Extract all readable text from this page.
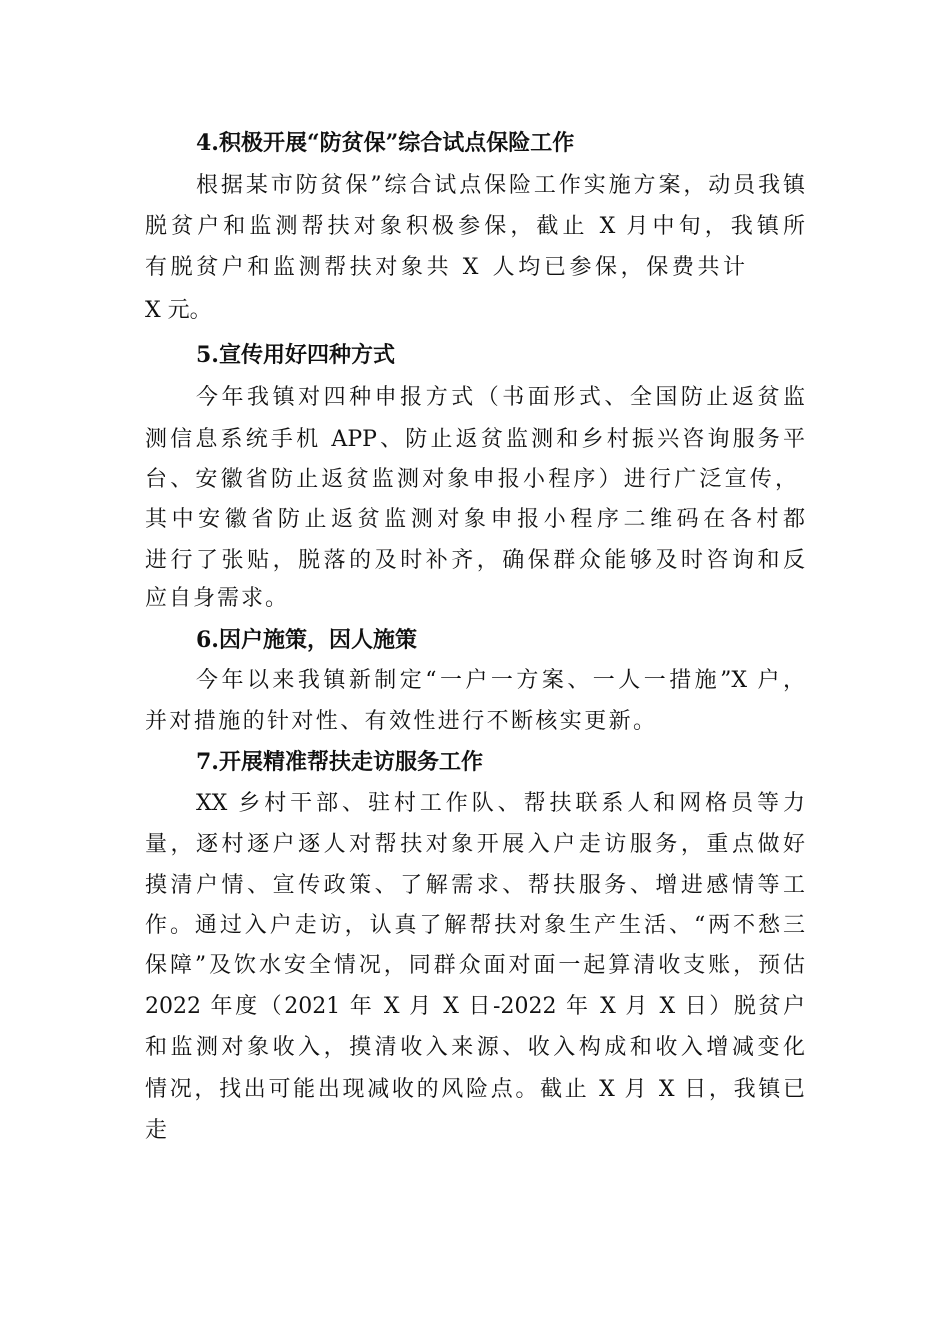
4.积极开展“防贫保”综合试点保险工作
根据某市防贫保”综合试点保险工作实施方案，动员我镇
脱贫户和监测帮扶对象积极参保，截止 X 月中旬，我镇所
有脱贫户和监测帮扶对象共 X 人均已参保，保费共计
X 元。
5.宣传用好四种方式
今年我镇对四种申报方式（书面形式、全国防止返贫监
测信息系统手机 APP、防止返贫监测和乡村振兴咨询服务平
台、安徽省防止返贫监测对象申报小程序）进行广泛宣传，
其中安徽省防止返贫监测对象申报小程序二维码在各村都
进行了张贴，脱落的及时补齐，确保群众能够及时咨询和反
应自身需求。
6.因户施策，因人施策
今年以来我镇新制定“一户一方案、一人一措施”X 户，
并对措施的针对性、有效性进行不断核实更新。
7.开展精准帮扶走访服务工作
XX 乡村干部、驻村工作队、帮扶联系人和网格员等力
量，逐村逐户逐人对帮扶对象开展入户走访服务，重点做好
摸清户情、宣传政策、了解需求、帮扶服务、增进感情等工
作。通过入户走访，认真了解帮扶对象生产生活、“两不愁三
保障”及饮水安全情况，同群众面对面一起算清收支账，预估
2022 年度（2021 年 X 月 X 日-2022 年 X 月 X 日）脱贫户
和监测对象收入，摸清收入来源、收入构成和收入增减变化
情况，找出可能出现减收的风险点。截止 X 月 X 日，我镇已
走
